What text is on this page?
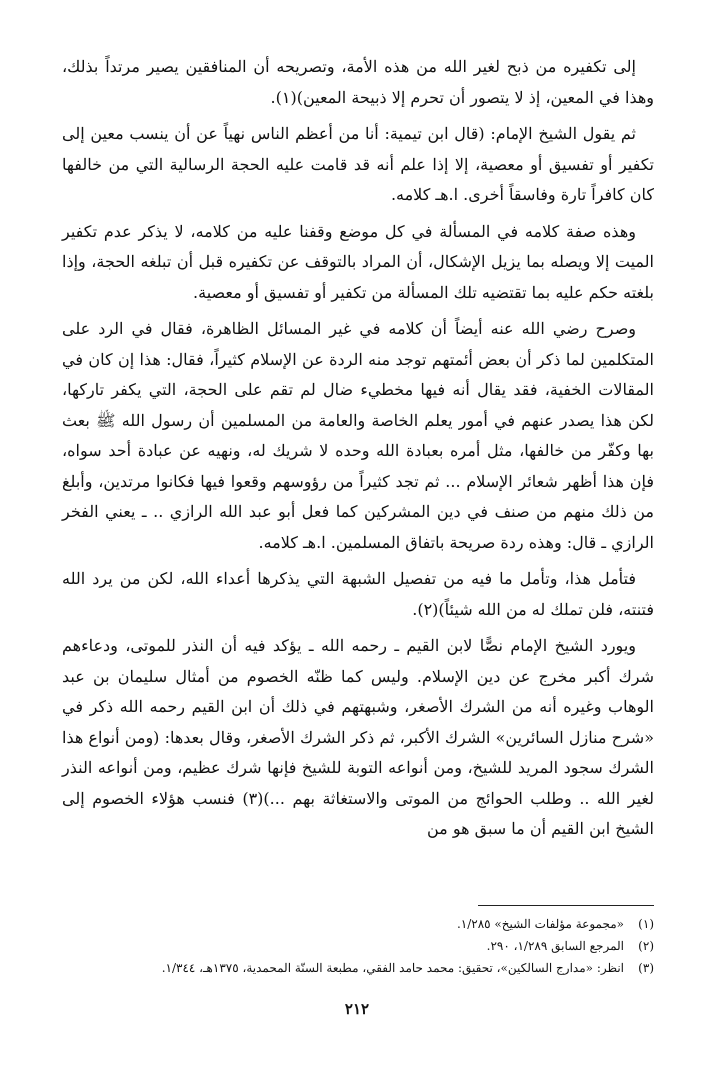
إلى تكفيره من ذبح لغير الله من هذه الأمة، وتصريحه أن المنافقين يصير مرتداً بذلك، وهذا في المعين، إذ لا يتصور أن تحرم إلا ذبيحة المعين)(١).

ثم يقول الشيخ الإمام: (قال ابن تيمية: أنا من أعظم الناس نهياً عن أن ينسب معين إلى تكفير أو تفسيق أو معصية، إلا إذا علم أنه قد قامت عليه الحجة الرسالية التي من خالفها كان كافراً تارة وفاسقاً أخرى. ا.هـ كلامه.

وهذه صفة كلامه في المسألة في كل موضع وقفنا عليه من كلامه، لا يذكر عدم تكفير الميت إلا ويصله بما يزيل الإشكال، أن المراد بالتوقف عن تكفيره قبل أن تبلغه الحجة، وإذا بلغته حكم عليه بما تقتضيه تلك المسألة من تكفير أو تفسيق أو معصية.

وصرح رضي الله عنه أيضاً أن كلامه في غير المسائل الظاهرة، فقال في الرد على المتكلمين لما ذكر أن بعض أئمتهم توجد منه الردة عن الإسلام كثيراً، فقال: هذا إن كان في المقالات الخفية، فقد يقال أنه فيها مخطيء ضال لم تقم على الحجة، التي يكفر تاركها، لكن هذا يصدر عنهم في أمور يعلم الخاصة والعامة من المسلمين أن رسول الله ﷺ بعث بها وكفّر من خالفها، مثل أمره بعبادة الله وحده لا شريك له، ونهيه عن عبادة أحد سواه، فإن هذا أظهر شعائر الإسلام ... ثم تجد كثيراً من رؤوسهم وقعوا فيها فكانوا مرتدين، وأبلغ من ذلك منهم من صنف في دين المشركين كما فعل أبو عبد الله الرازي .. ـ يعني الفخر الرازي ـ قال: وهذه ردة صريحة باتفاق المسلمين. ا.هـ كلامه.

فتأمل هذا، وتأمل ما فيه من تفصيل الشبهة التي يذكرها أعداء الله، لكن من يرد الله فتنته، فلن تملك له من الله شيئاً)(٢).

ويورد الشيخ الإمام نصًّا لابن القيم ـ رحمه الله ـ يؤكد فيه أن النذر للموتى، ودعاءهم شرك أكبر مخرج عن دين الإسلام. وليس كما ظنّه الخصوم من أمثال سليمان بن عبد الوهاب وغيره أنه من الشرك الأصغر، وشبهتهم في ذلك أن ابن القيم رحمه الله ذكر في «شرح منازل السائرين» الشرك الأكبر، ثم ذكر الشرك الأصغر، وقال بعدها: (ومن أنواع هذا الشرك سجود المريد للشيخ، ومن أنواعه التوبة للشيخ فإنها شرك عظيم، ومن أنواعه النذر لغير الله .. وطلب الحوائج من الموتى والاستغاثة بهم ...)(٣) فنسب هؤلاء الخصوم إلى الشيخ ابن القيم أن ما سبق هو من

(١)
«مجموعة مؤلفات الشيخ» ١/٢٨٥.
(٢)
المرجع السابق ١/٢٨٩، ٢٩٠.
(٣)
انظر: «مدارج السالكين»، تحقيق: محمد حامد الفقي، مطبعة السنّة المحمدية، ١٣٧٥هـ، ١/٣٤٤.
٢١٢
